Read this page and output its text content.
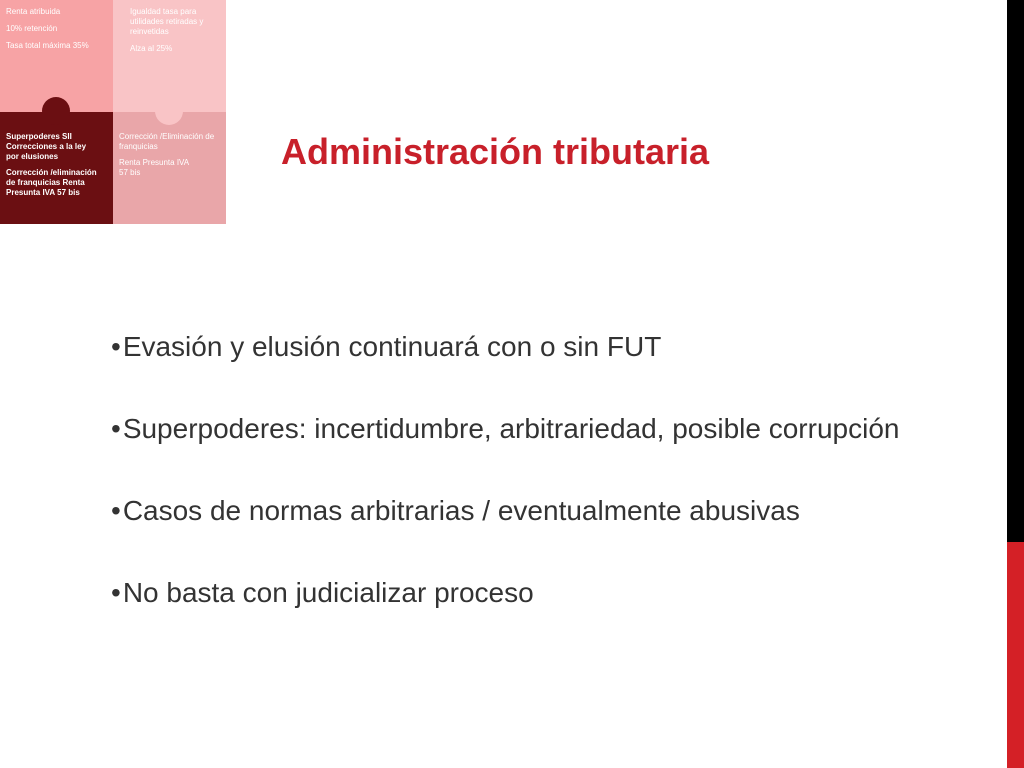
Renta atribuida

10% retención

Tasa total máxima 35%

Igualdad tasa para utilidades retiradas y reinvetidas

Alza al 25%

Superpoderes SII Correcciones a la ley por elusiones

Corrección /eliminación de franquicias Renta Presunta IVA 57 bis

Corrección /Eliminación de franquicias

Renta Presunta IVA 57 bis

Administración tributaria
•Evasión y elusión continuará con o sin FUT
•Superpoderes: incertidumbre, arbitrariedad, posible corrupción
•Casos de normas arbitrarias / eventualmente abusivas
•No basta con judicializar proceso
